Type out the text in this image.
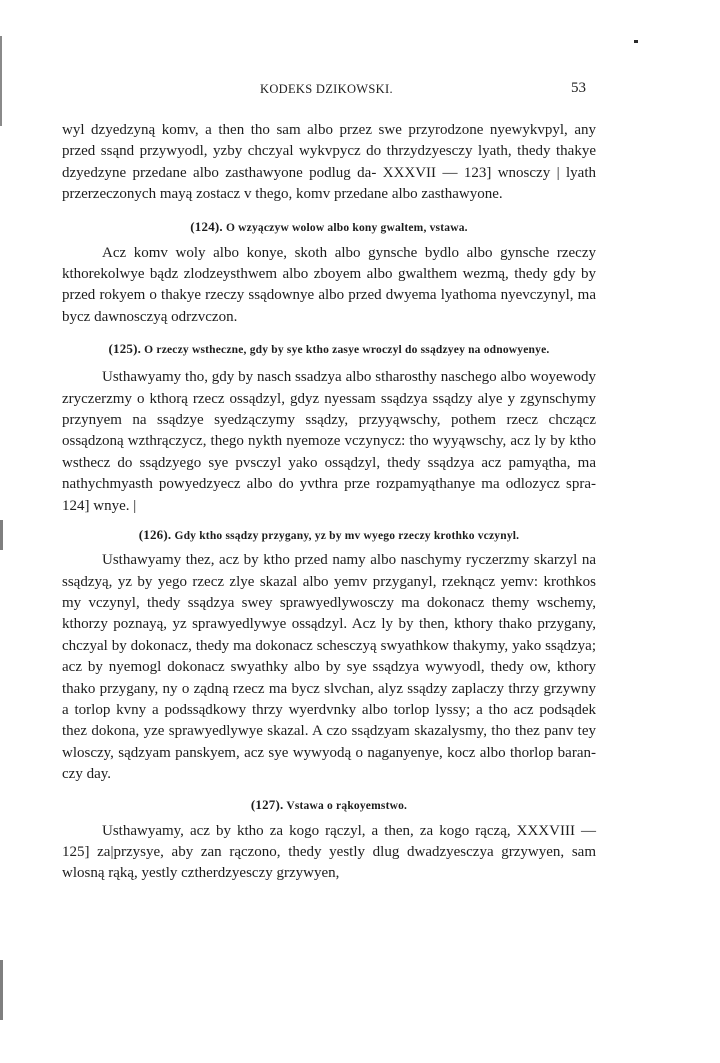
KODEKS DZIKOWSKI.	53

wyl dzyedzyną komv, a then tho sam albo przez swe przyrodzone nyewykvpyl, any przed ssąnd przywyodl, yzby chczyal wykvpycz do thrzydzyesczy lyath, thedy thakye dzyedzyne przedane albo zasthawyone podlug da- XXXVII — 123] wnosczy | lyath przerzeczonych mayą zostacz v thego, komv przedane albo zasthawyone.

(124). O wzyączyw wolow albo kony gwaltem, vstawa.

Acz komv woly albo konye, skoth albo gynsche bydlo albo gynsche rzeczy kthorekolwye bądz zlodzeysthwem albo zboyem albo gwalthem wezmą, thedy gdy by przed rokyem o thakye rzeczy ssądownye albo przed dwyema lyathoma nyevczynyl, ma bycz dawnosczyą odrzvczon.

(125). O rzeczy wstheczne, gdy by sye ktho zasye wroczyl do ssądzyey na odnowyenye.

Usthawyamy tho, gdy by nasch ssadzya albo stharosthy naschego albo woyewody zryczerzmy o kthorą rzecz ossądzyl, gdyz nyessam ssądzya ssądzy alye y zgynschymy przynyem na ssądzye syedzączymy ssądzy, przyyąwschy, pothem rzecz chcząсz ossądzoną wzthrączycz, thego nykth nyemoze vczynycz: tho wyyąwschy, acz ly by ktho wsthecz do ssądzyego sye pvsczyl yako ossądzyl, thedy ssądzya acz pamyątha, ma nathychmyasth powyedzyecz albo do yvthra prze rozpamyąthanye ma odlozycz spra- 124] wnye. |

(126). Gdy ktho ssądzy przygany, yz by mv wyego rzeczy krothko vczynyl.

Usthawyamy thez, acz by ktho przed namy albo naschymy ryczerzmy skarzyl na ssądzyą, yz by yego rzecz zlye skazal albo yemv przyganyl, rzeknącz yemv: krothkos my vczynyl, thedy ssądzya swey sprawyedlywosczy ma dokonacz themy wschemy, kthorzy poznayą, yz sprawyedlywye ossądzyl. Acz ly by then, kthory thako przygany, chczyal by dokonacz, thedy ma dokonacz schesczyą swyathkow thakymy, yako ssądzya; acz by nyemogl dokonacz swyathky albo by sye ssądzya wywyodl, thedy ow, kthory thako przygany, ny o ządną rzecz ma bycz slvchan, alyz ssądzy zaplaczy thrzy grzywny a torlop kvny a podssądkowy thrzy wyerdvnky albo torlop lyssy; a tho acz podsądek thez dokona, yze sprawyedlywye skazal. A czo ssądzyam skazalysmy, tho thez panv tey wlosczy, sądzyam panskyem, acz sye wywyodą o naganyenye, kocz albo thorlop baran- czy day.

(127). Vstawa o rąkoyemstwo.

Usthawyamy, acz by ktho za kogo rączyl, a then, za kogo rączą, XXXVIII — 125] za|przysye, aby zan rączono, thedy yestly dlug dwadzyesczya grzywyen, sam wlosną rąką, yestly cztherdzyesczy grzywyen,
